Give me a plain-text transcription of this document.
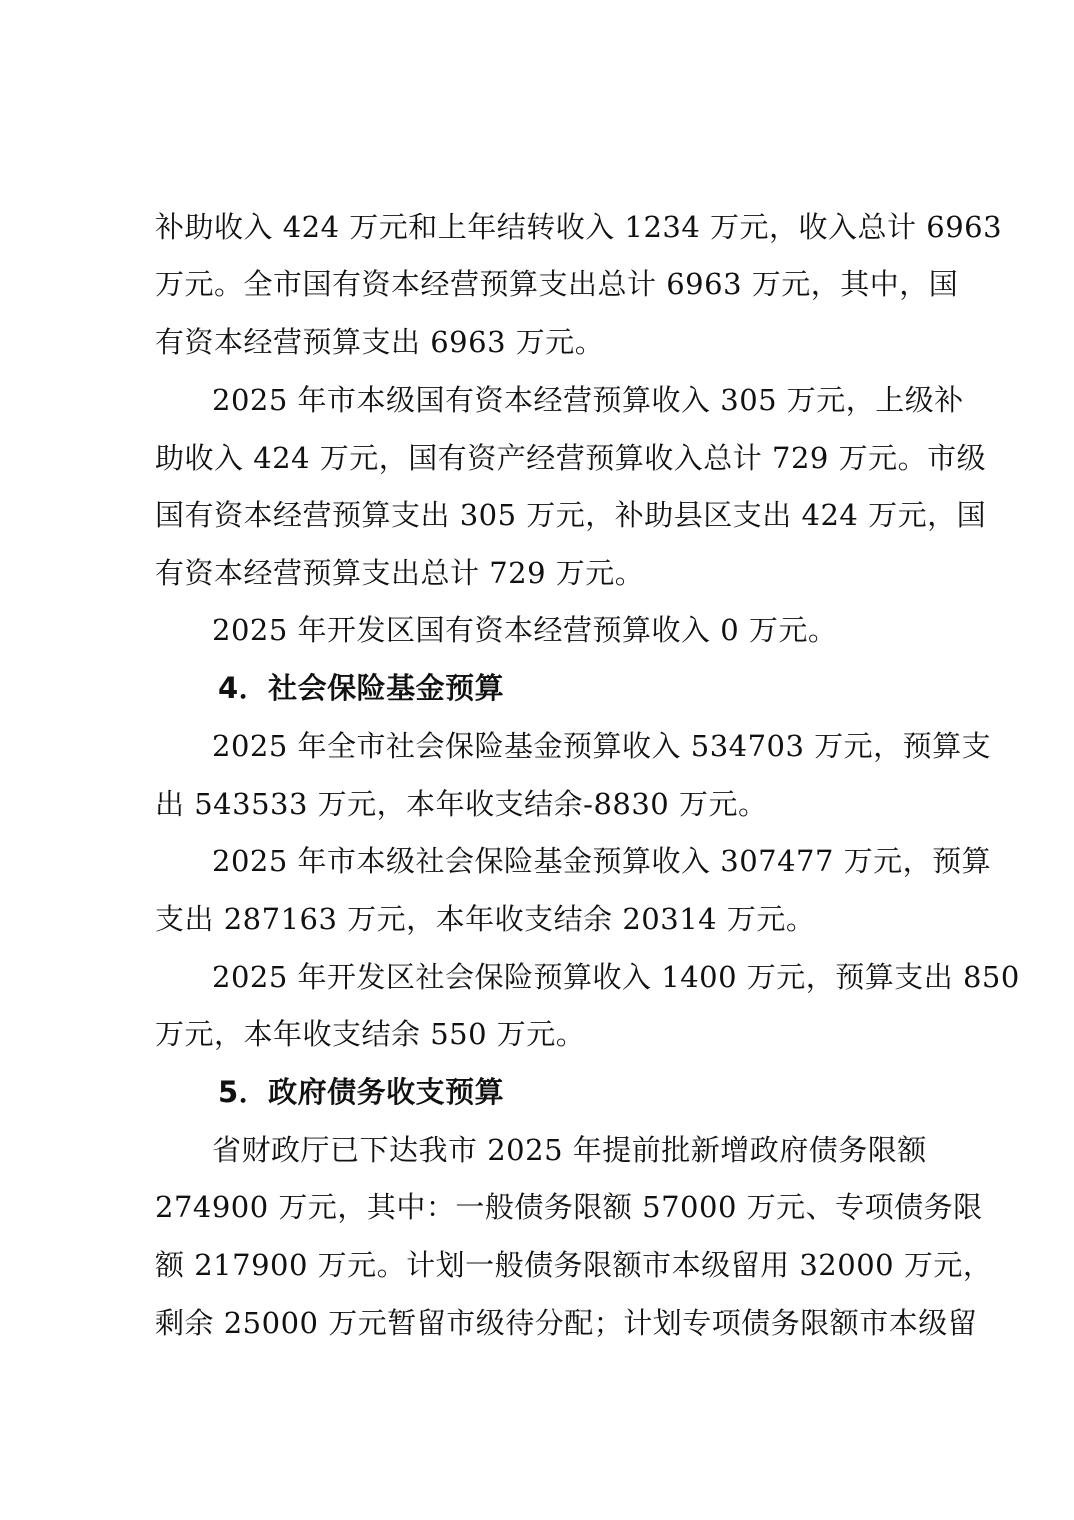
补助收入 424 万元和上年结转收入 1234 万元，收入总计 6963
万元。全市国有资本经营预算支出总计 6963 万元，其中，国
有资本经营预算支出 6963 万元。
2025 年市本级国有资本经营预算收入 305 万元，上级补
助收入 424 万元，国有资产经营预算收入总计 729 万元。市级
国有资本经营预算支出 305 万元，补助县区支出 424 万元，国
有资本经营预算支出总计 729 万元。
2025 年开发区国有资本经营预算收入 0 万元。
4．社会保险基金预算
2025 年全市社会保险基金预算收入 534703 万元，预算支
出 543533 万元，本年收支结余-8830 万元。
2025 年市本级社会保险基金预算收入 307477 万元，预算
支出 287163 万元，本年收支结余 20314 万元。
2025 年开发区社会保险预算收入 1400 万元，预算支出 850
万元，本年收支结余 550 万元。
5．政府债务收支预算
省财政厅已下达我市 2025 年提前批新增政府债务限额
274900 万元，其中：一般债务限额 57000 万元、专项债务限
额 217900 万元。计划一般债务限额市本级留用 32000 万元，
剩余 25000 万元暂留市级待分配；计划专项债务限额市本级留
